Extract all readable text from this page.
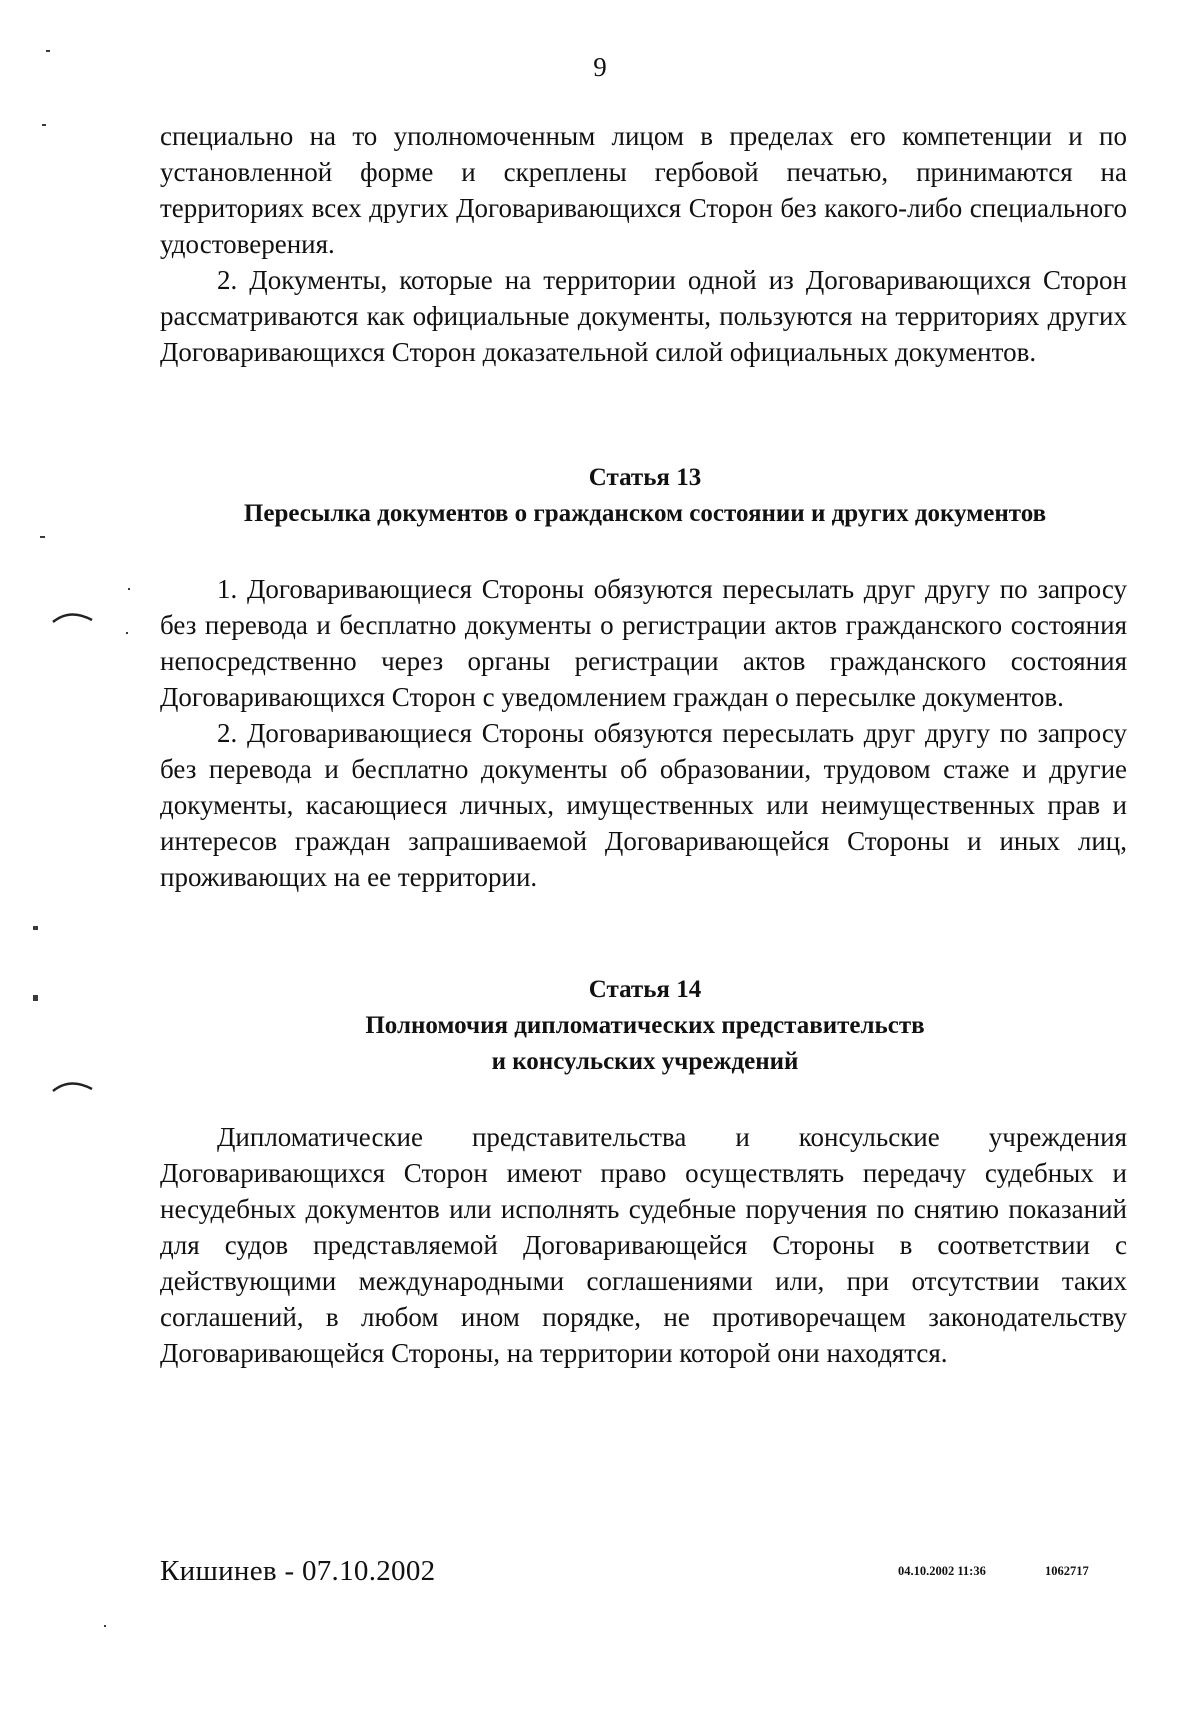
9

специально на то уполномоченным лицом в пределах его компетенции и по установленной форме и скреплены гербовой печатью, принимаются на территориях всех других Договаривающихся Сторон без какого-либо специального удостоверения.

2. Документы, которые на территории одной из Договаривающихся Сторон рассматриваются как официальные документы, пользуются на территориях других Договаривающихся Сторон доказательной силой официальных документов.

Статья 13
Пересылка документов о гражданском состоянии и других документов

1. Договаривающиеся Стороны обязуются пересылать друг другу по запросу без перевода и бесплатно документы о регистрации актов гражданского состояния непосредственно через органы регистрации актов гражданского состояния Договаривающихся Сторон с уведомлением граждан о пересылке документов.

2. Договаривающиеся Стороны обязуются пересылать друг другу по запросу без перевода и бесплатно документы об образовании, трудовом стаже и другие документы, касающиеся личных, имущественных или неимущественных прав и интересов граждан запрашиваемой Договаривающейся Стороны и иных лиц, проживающих на ее территории.

Статья 14
Полномочия дипломатических представительств
и консульских учреждений

Дипломатические представительства и консульские учреждения Договаривающихся Сторон имеют право осуществлять передачу судебных и несудебных документов или исполнять судебные поручения по снятию показаний для судов представляемой Договаривающейся Стороны в соответствии с действующими международными соглашениями или, при отсутствии таких соглашений, в любом ином порядке, не противоречащем законодательству Договаривающейся Стороны, на территории которой они находятся.

Кишинев - 07.10.2002	04.10.2002 11:36	1062717
